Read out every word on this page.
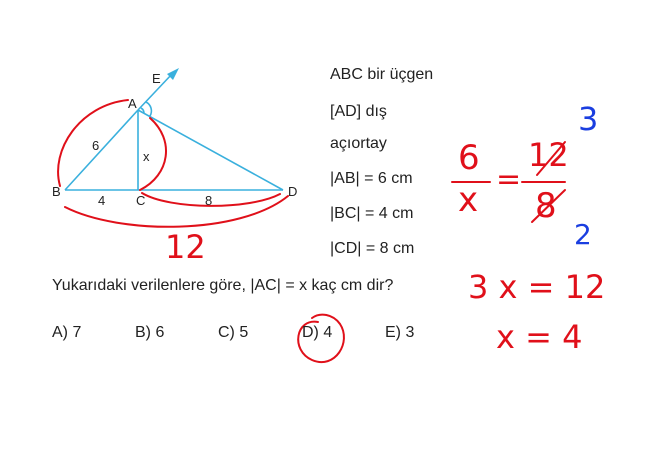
E
A
B
C
D
6
x
4	8
ABC bir üçgen
[AD] dış
açıortay
|AB| = 6 cm
|BC| = 4 cm
|CD| = 8 cm
Yukarıdaki verilenlere göre, |AC| = x kaç cm dir?
A) 7	B) 6	C) 5	D) 4	E) 3
12
6
x
=
12
8
3
2
3 x = 12
x = 4
